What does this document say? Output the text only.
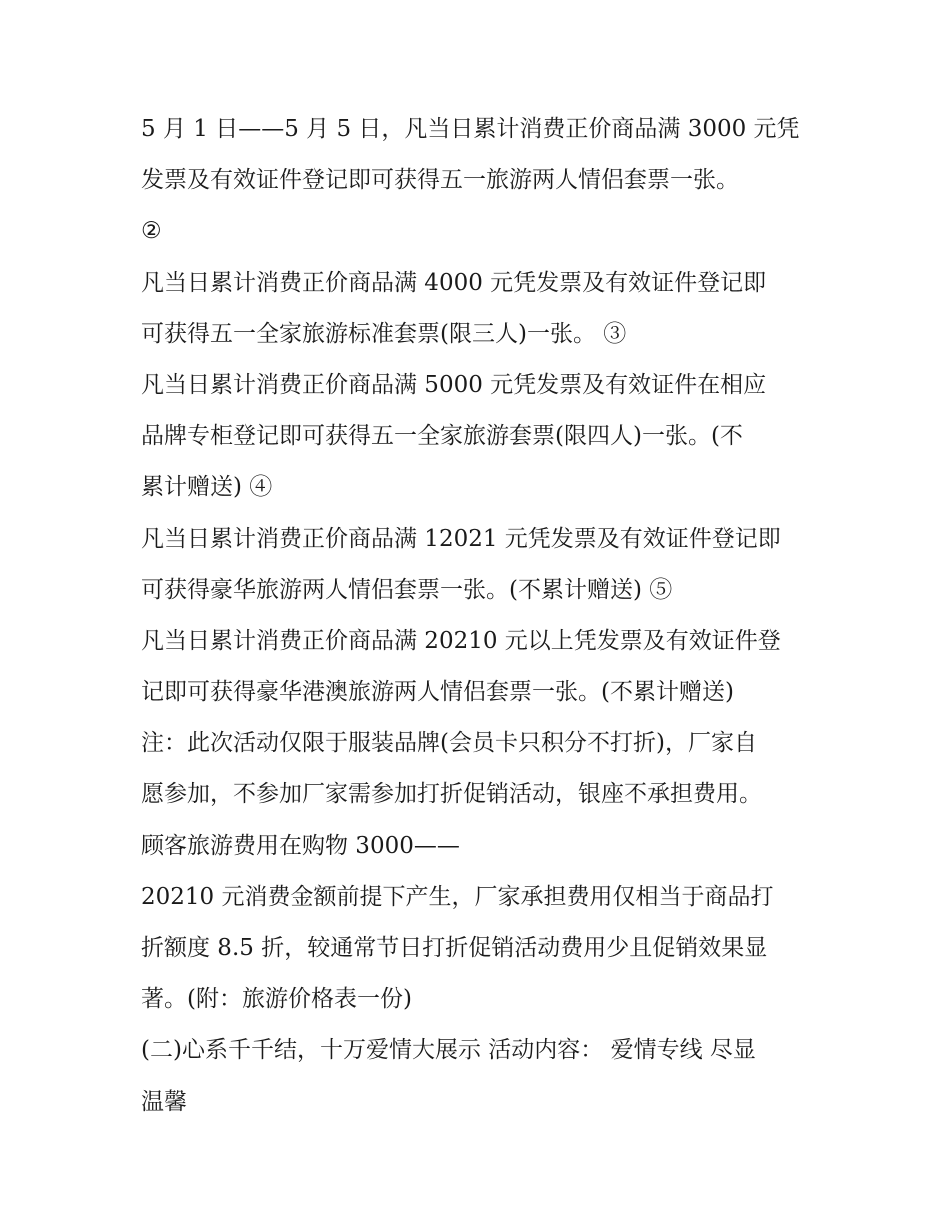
5 月 1 日——5 月 5 日，凡当日累计消费正价商品满 3000 元凭
发票及有效证件登记即可获得五一旅游两人情侣套票一张。
②
凡当日累计消费正价商品满 4000 元凭发票及有效证件登记即
可获得五一全家旅游标准套票(限三人)一张。 ③
凡当日累计消费正价商品满 5000 元凭发票及有效证件在相应
品牌专柜登记即可获得五一全家旅游套票(限四人)一张。(不
累计赠送) ④
凡当日累计消费正价商品满 12021 元凭发票及有效证件登记即
可获得豪华旅游两人情侣套票一张。(不累计赠送) ⑤
凡当日累计消费正价商品满 20210 元以上凭发票及有效证件登
记即可获得豪华港澳旅游两人情侣套票一张。(不累计赠送)
注：此次活动仅限于服装品牌(会员卡只积分不打折)，厂家自
愿参加，不参加厂家需参加打折促销活动，银座不承担费用。
顾客旅游费用在购物 3000——
20210 元消费金额前提下产生，厂家承担费用仅相当于商品打
折额度 8.5 折，较通常节日打折促销活动费用少且促销效果显
著。(附：旅游价格表一份)
(二)心系千千结，十万爱情大展示 活动内容： 爱情专线 尽显
温馨
